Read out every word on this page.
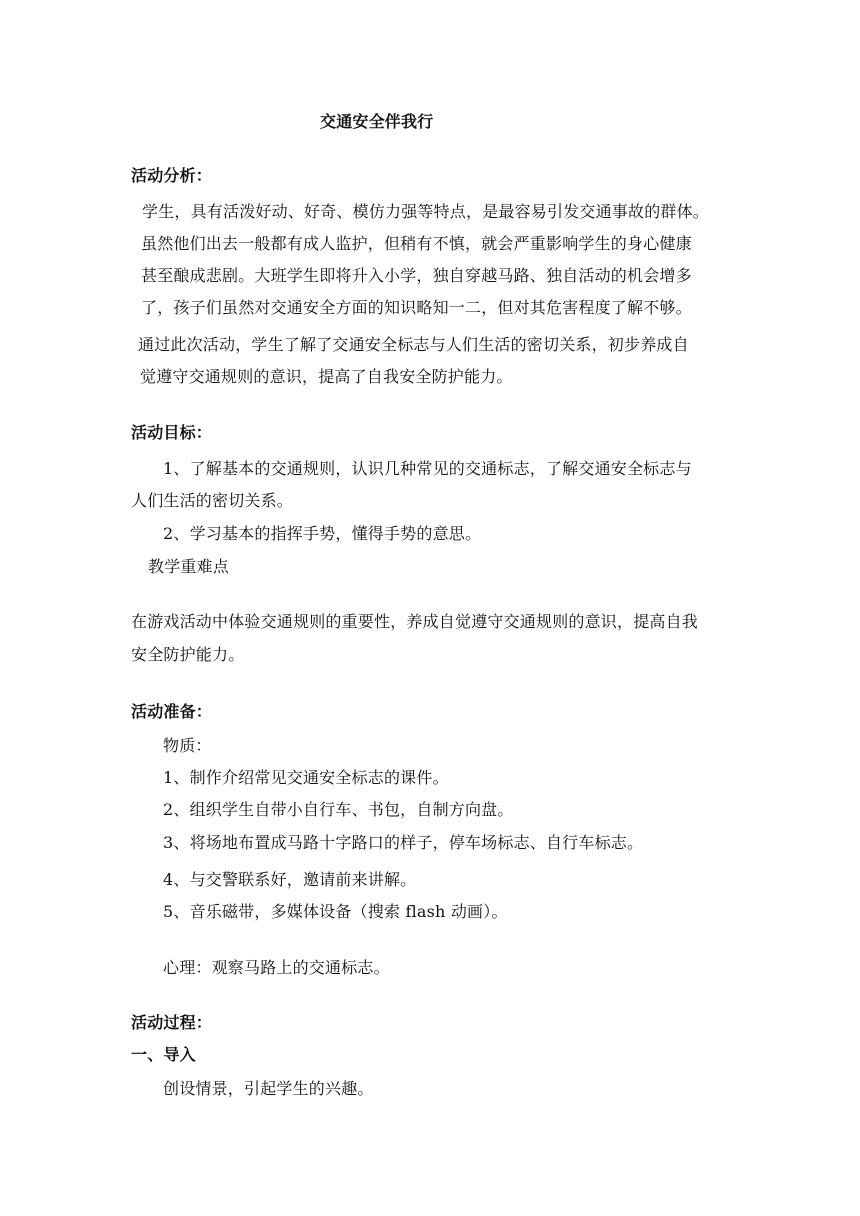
交通安全伴我行
活动分析：
学生，具有活泼好动、好奇、模仿力强等特点，是最容易引发交通事故的群体。
虽然他们出去一般都有成人监护，但稍有不慎，就会严重影响学生的身心健康
甚至酿成悲剧。大班学生即将升入小学，独自穿越马路、独自活动的机会增多
了，孩子们虽然对交通安全方面的知识略知一二，但对其危害程度了解不够。
通过此次活动，学生了解了交通安全标志与人们生活的密切关系，初步养成自
觉遵守交通规则的意识，提高了自我安全防护能力。
活动目标：
1、了解基本的交通规则，认识几种常见的交通标志，了解交通安全标志与
人们生活的密切关系。
2、学习基本的指挥手势，懂得手势的意思。
教学重难点
在游戏活动中体验交通规则的重要性，养成自觉遵守交通规则的意识，提高自我
安全防护能力。
活动准备：
物质：
1、制作介绍常见交通安全标志的课件。
2、组织学生自带小自行车、书包，自制方向盘。
3、将场地布置成马路十字路口的样子，停车场标志、自行车标志。
4、与交警联系好，邀请前来讲解。
5、音乐磁带，多媒体设备（搜索 flash 动画）。
心理：观察马路上的交通标志。
活动过程：
一、导入
创设情景，引起学生的兴趣。
